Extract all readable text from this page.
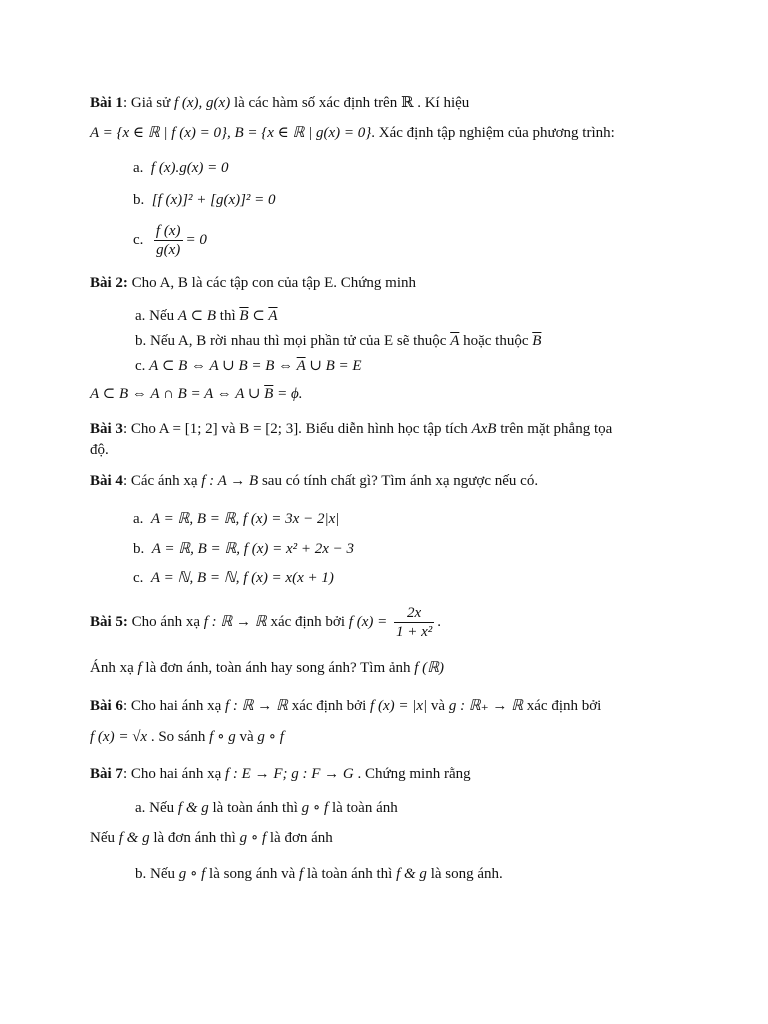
Bài 1: Giả sử f (x), g(x) là các hàm số xác định trên ℝ . Kí hiệu
A = {x ∈ ℝ | f (x) = 0}, B = {x ∈ ℝ | g(x) = 0}. Xác định tập nghiệm của phương trình:
a. f (x).g(x) = 0
b. [f (x)]² + [g(x)]² = 0
c. $\frac{f (x)}{g(x)} = 0$
Bài 2: Cho A, B là các tập con của tập E. Chứng minh
a. Nếu A ⊂ B thì $\overline{B}$ ⊂ $\overline{A}$
b. Nếu A, B rời nhau thì mọi phần tử của E sẽ thuộc $\overline{A}$ hoặc thuộc $\overline{B}$
c. A ⊂ B ⇔ A ∪ B = B ⇔ $\overline{A}$ ∪ B = E
A ⊂ B ⇔ A ∩ B = A ⇔ A ∪ $\overline{B} = \phi$.
Bài 3: Cho A = [1; 2] và B = [2; 3]. Biểu diễn hình học tập tích AxB trên mặt phẳng tọa
độ.
Bài 4: Các ánh xạ f : A → B sau có tính chất gì? Tìm ánh xạ ngược nếu có.
a. A = ℝ, B = ℝ, f (x) = 3x − 2|x|
b. A = ℝ, B = ℝ, f (x) = x² + 2x − 3
c. A = ℕ, B = ℕ, f (x) = x(x + 1)
Bài 5: Cho ánh xạ f : ℝ → ℝ xác định bởi f $(x) = \frac{2x}{\text{1 + x²}}$ .
Ánh xạ f là đơn ánh, toàn ánh hay song ánh? Tìm ảnh f (ℝ)
Bài 6: Cho hai ánh xạ f : ℝ → ℝ xác định bởi f (x) = |x| và g : ℝ₊ → ℝ xác định bởi
f (x) = √x . So sánh f ∘ g và g ∘ f
Bài 7: Cho hai ánh xạ f : E → F; g : F → G . Chứng minh rằng
a. Nếu f & g là toàn ánh thì g ∘ f là toàn ánh
Nếu f & g là đơn ánh thì g ∘ f là đơn ánh
b. Nếu g ∘ f là song ánh và f là toàn ánh thì f & g là song ánh.
